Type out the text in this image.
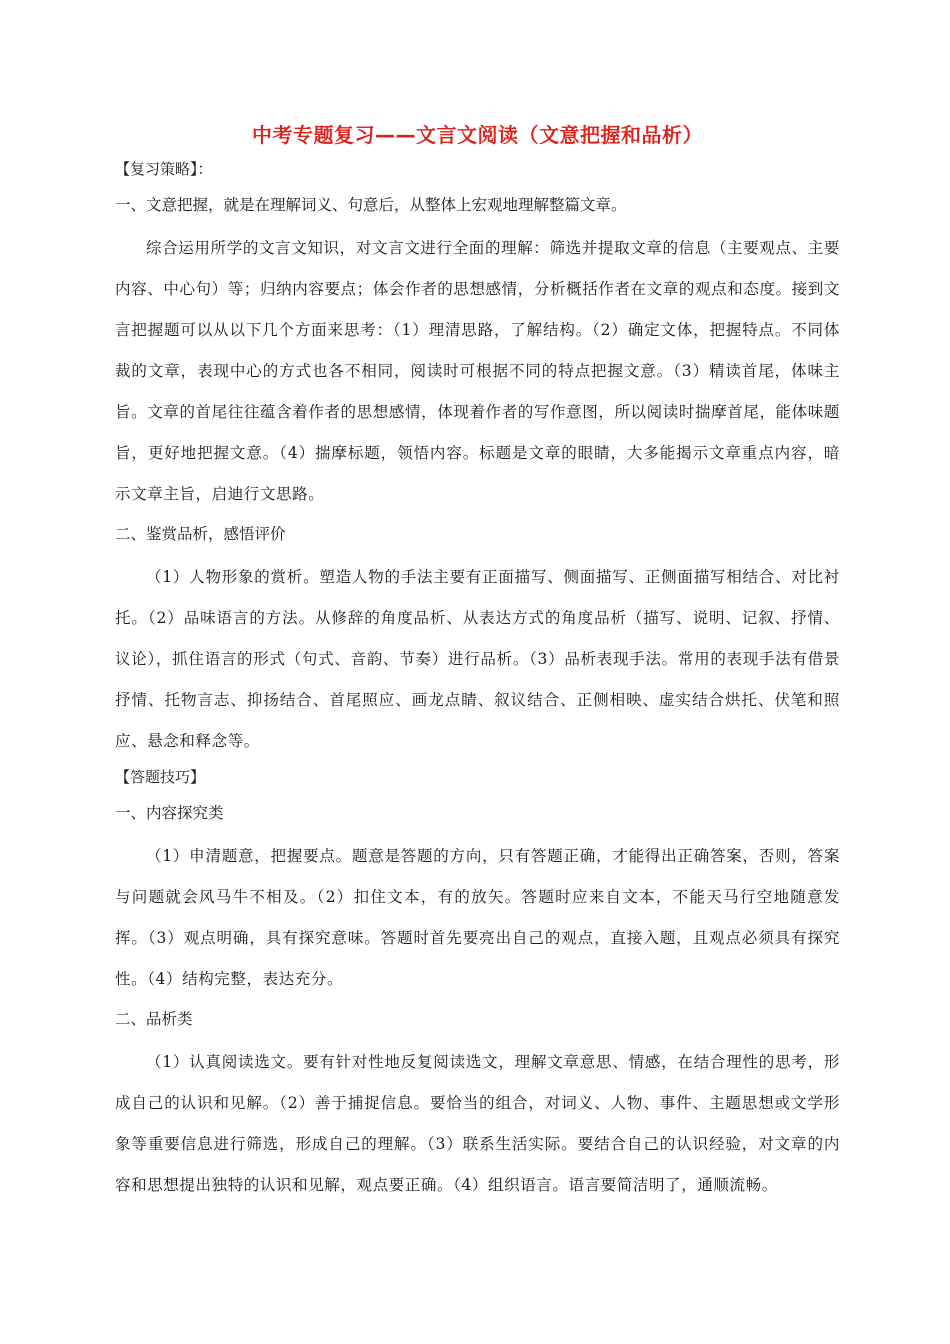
中考专题复习——文言文阅读（文意把握和品析）
【复习策略】：
一、文意把握，就是在理解词义、句意后，从整体上宏观地理解整篇文章。

综合运用所学的文言文知识，对文言文进行全面的理解：筛选并提取文章的信息（主要观点、主要内容、中心句）等；归纳内容要点；体会作者的思想感情，分析概括作者在文章的观点和态度。接到文言把握题可以从以下几个方面来思考：（1）理清思路，了解结构。（2）确定文体，把握特点。不同体裁的文章，表现中心的方式也各不相同，阅读时可根据不同的特点把握文意。（3）精读首尾，体味主旨。文章的首尾往往蕴含着作者的思想感情，体现着作者的写作意图，所以阅读时揣摩首尾，能体味题旨，更好地把握文意。（4）揣摩标题，领悟内容。标题是文章的眼睛，大多能揭示文章重点内容，暗示文章主旨，启迪行文思路。

二、鉴赏品析，感悟评价

（1）人物形象的赏析。塑造人物的手法主要有正面描写、侧面描写、正侧面描写相结合、对比衬托。（2）品味语言的方法。从修辞的角度品析、从表达方式的角度品析（描写、说明、记叙、抒情、议论），抓住语言的形式（句式、音韵、节奏）进行品析。（3）品析表现手法。常用的表现手法有借景抒情、托物言志、抑扬结合、首尾照应、画龙点睛、叙议结合、正侧相映、虚实结合烘托、伏笔和照应、悬念和释念等。

【答题技巧】
一、内容探究类

（1）申清题意，把握要点。题意是答题的方向，只有答题正确，才能得出正确答案，否则，答案与问题就会风马牛不相及。（2）扣住文本，有的放矢。答题时应来自文本，不能天马行空地随意发挥。（3）观点明确，具有探究意味。答题时首先要亮出自己的观点，直接入题，且观点必须具有探究性。（4）结构完整，表达充分。

二、品析类

（1）认真阅读选文。要有针对性地反复阅读选文，理解文章意思、情感，在结合理性的思考，形成自己的认识和见解。（2）善于捕捉信息。要恰当的组合，对词义、人物、事件、主题思想或文学形象等重要信息进行筛选，形成自己的理解。（3）联系生活实际。要结合自己的认识经验，对文章的内容和思想提出独特的认识和见解，观点要正确。（4）组织语言。语言要简洁明了，通顺流畅。
